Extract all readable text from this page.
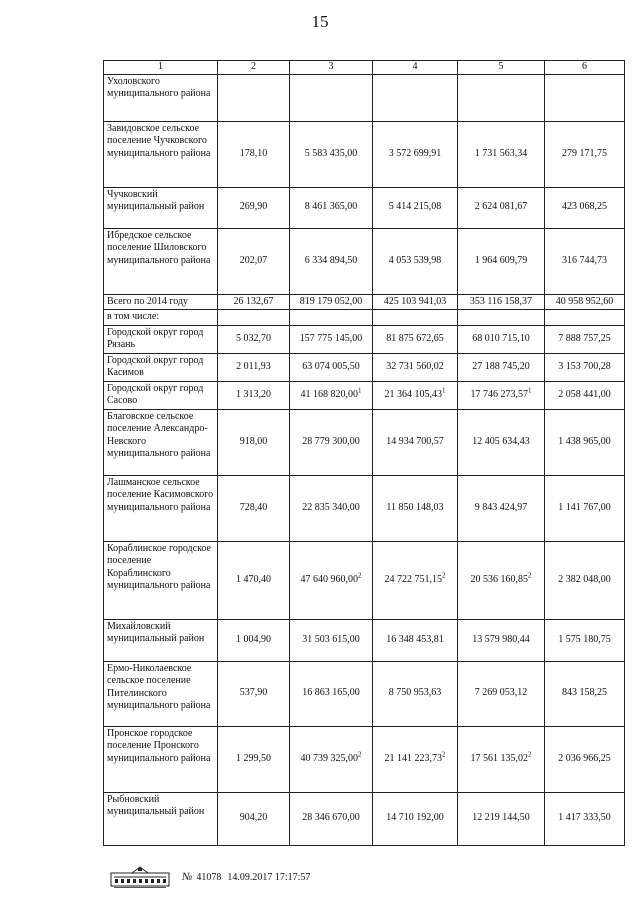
15
1	2	3	4	5	6
Ухоловского муниципального района					
Завидовское сельское поселение Чучковского муниципального района	178,10	5 583 435,00	3 572 699,91	1 731 563,34	279 171,75
Чучковский муниципальный район	269,90	8 461 365,00	5 414 215,08	2 624 081,67	423 068,25
Ибредское сельское поселение Шиловского муниципального района	202,07	6 334 894,50	4 053 539,98	1 964 609,79	316 744,73
Всего по 2014 году	26 132,67	819 179 052,00	425 103 941,03	353 116 158,37	40 958 952,60
в том числе:					
Городской округ город Рязань	5 032,70	157 775 145,00	81 875 672,65	68 010 715,10	7 888 757,25
Городской округ город Касимов	2 011,93	63 074 005,50	32 731 560,02	27 188 745,20	3 153 700,28
Городской округ город Сасово	1 313,20	41 168 820,00$^1$	21 364 105,43$^1$	17 746 273,57$^1$	2 058 441,00
Благовское сельское поселение Александро-Невского муниципального района	918,00	28 779 300,00	14 934 700,57	12 405 634,43	1 438 965,00
Лашманское сельское поселение Касимовского муниципального района	728,40	22 835 340,00	11 850 148,03	9 843 424,97	1 141 767,00
Кораблинское городское поселение Кораблинского муниципального района	1 470,40	47 640 960,00$^2$	24 722 751,15$^2$	20 536 160,85$^2$	2 382 048,00
Михайловский муниципальный район	1 004,90	31 503 615,00	16 348 453,81	13 579 980,44	1 575 180,75
Ермо-Николаевское сельское поселение Пителинского муниципального района	537,90	16 863 165,00	8 750 953,63	7 269 053,12	843 158,25
Пронское городское поселение Пронского муниципального района	1 299,50	40 739 325,00$^2$	21 141 223,73$^2$	17 561 135,02$^2$	2 036 966,25
Рыбновский муниципальный район	904,20	28 346 670,00	14 710 192,00	12 219 144,50	1 417 333,50
№ 41078 14.09.2017 17:17:57
